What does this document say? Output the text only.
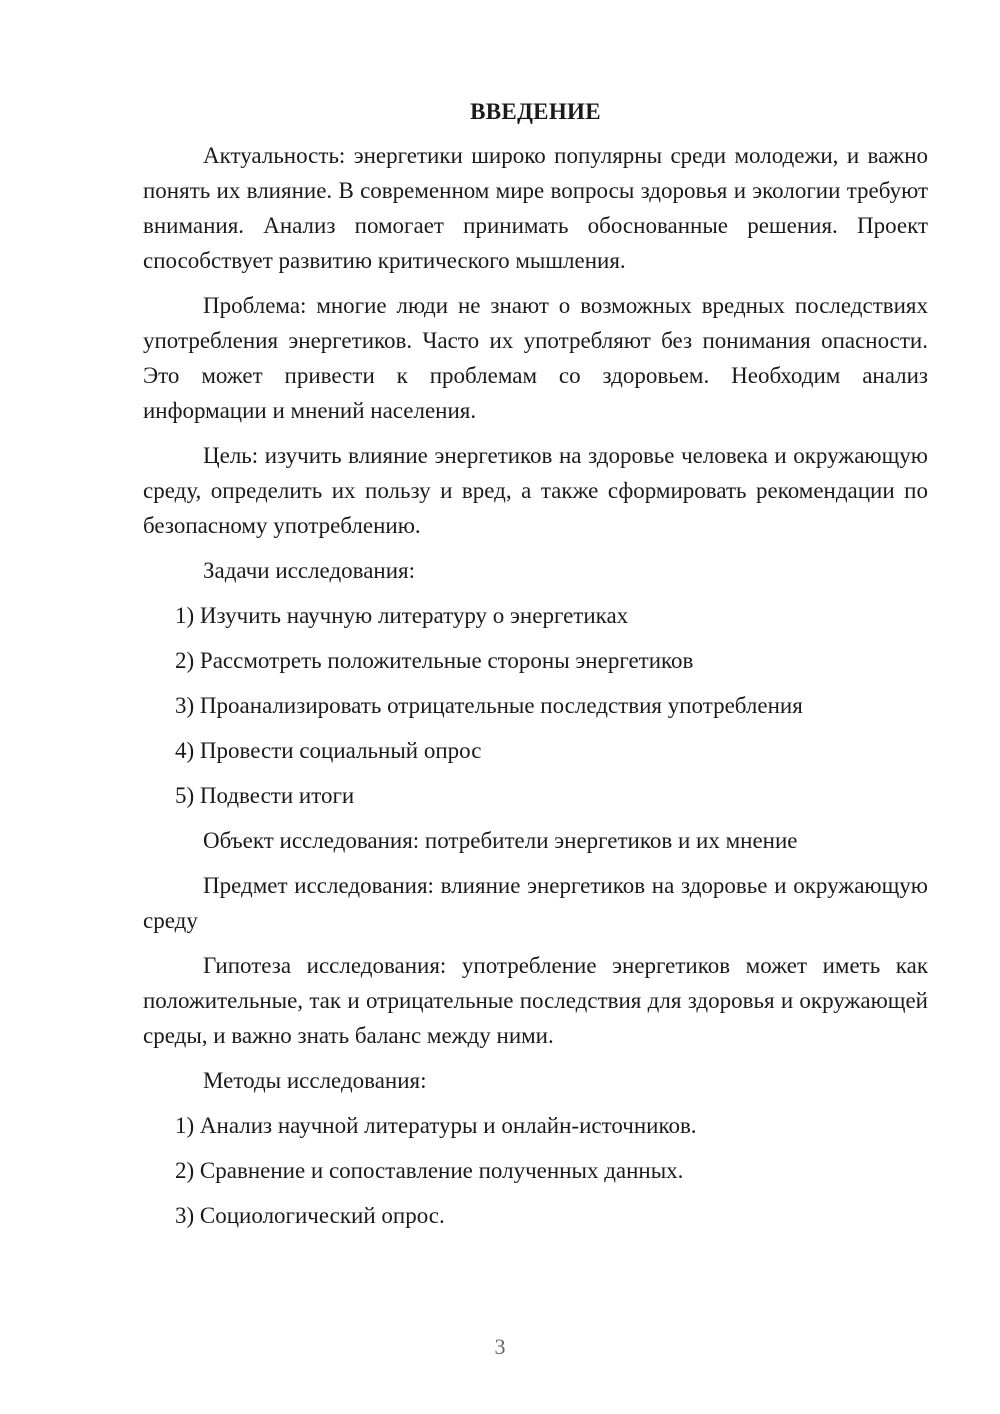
ВВЕДЕНИЕ

Актуальность: энергетики широко популярны среди молодежи, и важно понять их влияние. В современном мире вопросы здоровья и экологии требуют внимания. Анализ помогает принимать обоснованные решения. Проект способствует развитию критического мышления.

Проблема: многие люди не знают о возможных вредных последствиях употребления энергетиков. Часто их употребляют без понимания опасности. Это может привести к проблемам со здоровьем. Необходим анализ информации и мнений населения.

Цель: изучить влияние энергетиков на здоровье человека и окружающую среду, определить их пользу и вред, а также сформировать рекомендации по безопасному употреблению.

Задачи исследования:
1) Изучить научную литературу о энергетиках
2) Рассмотреть положительные стороны энергетиков
3) Проанализировать отрицательные последствия употребления
4) Провести социальный опрос
5) Подвести итоги

Объект исследования: потребители энергетиков и их мнение

Предмет исследования: влияние энергетиков на здоровье и окружающую среду

Гипотеза исследования: употребление энергетиков может иметь как положительные, так и отрицательные последствия для здоровья и окружающей среды, и важно знать баланс между ними.

Методы исследования:
1) Анализ научной литературы и онлайн-источников.
2) Сравнение и сопоставление полученных данных.
3) Социологический опрос.
3
